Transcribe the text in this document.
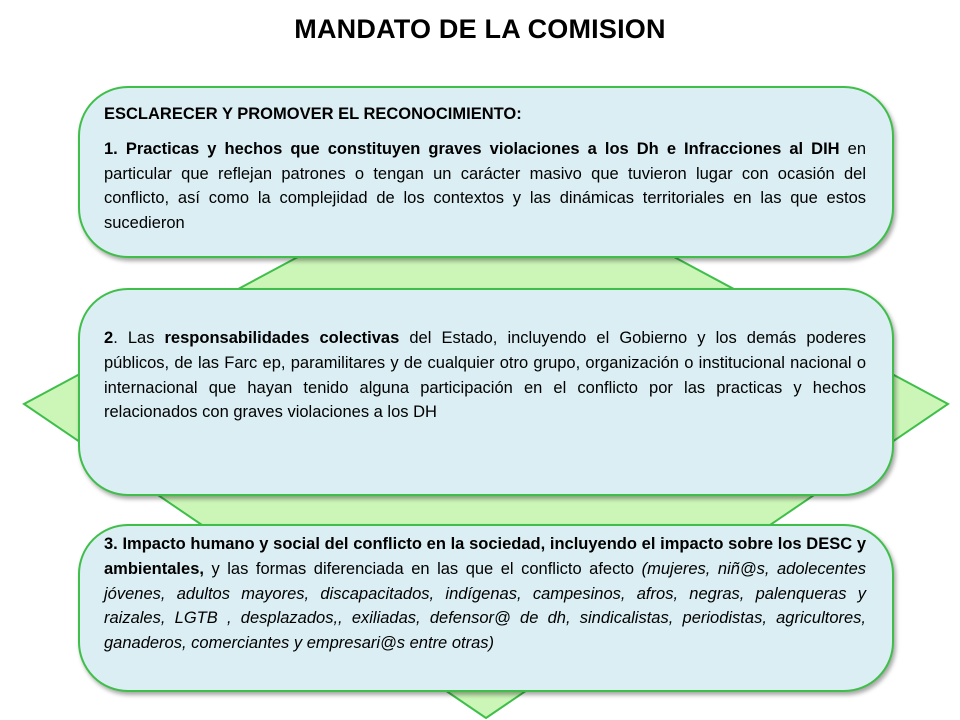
MANDATO DE LA COMISION

ESCLARECER Y PROMOVER EL RECONOCIMIENTO:

1. Practicas y hechos que constituyen graves violaciones a los Dh e Infracciones al DIH en particular que reflejan patrones o tengan un carácter masivo que tuvieron lugar con ocasión del conflicto, así como la complejidad de los contextos y las dinámicas territoriales en las que estos sucedieron

2. Las responsabilidades colectivas del Estado, incluyendo el Gobierno y los demás poderes públicos, de las Farc ep, paramilitares y de cualquier otro grupo, organización o institucional nacional o internacional que hayan tenido alguna participación en el conflicto por las practicas y hechos relacionados con graves violaciones a los DH

3. Impacto humano y social del conflicto en la sociedad, incluyendo el impacto sobre los DESC y ambientales, y las formas diferenciada en las que el conflicto afecto (mujeres, niñ@s, adolecentes jóvenes, adultos mayores, discapacitados, indígenas, campesinos, afros, negras, palenqueras y raizales, LGTB , desplazados,, exiliadas, defensor@ de dh, sindicalistas, periodistas, agricultores, ganaderos, comerciantes y empresari@s entre otras)
